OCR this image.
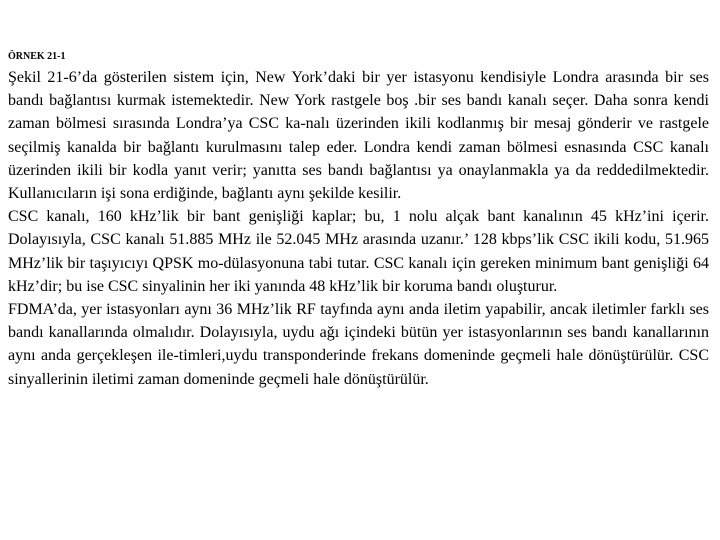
ÖRNEK 21-1

Şekil 21-6’da gösterilen sistem için, New York’daki bir yer istasyonu kendisiyle Londra arasında bir ses bandı bağlantısı kurmak istemektedir. New York rastgele boş .bir ses bandı kanalı seçer. Daha sonra kendi zaman bölmesi sırasında Londra’ya CSC ka-nalı üzerinden ikili kodlanmış bir mesaj gönderir ve rastgele seçilmiş kanalda bir bağlantı kurulmasını talep eder. Londra kendi zaman bölmesi esnasında CSC kanalı üzerinden ikili bir kodla yanıt verir; yanıtta ses bandı bağlantısı ya onaylanmakla ya da reddedilmektedir. Kullanıcıların işi sona erdiğinde, bağlantı aynı şekilde kesilir.

CSC kanalı, 160 kHz’lik bir bant genişliği kaplar; bu, 1 nolu alçak bant kanalının 45 kHz’ini içerir. Dolayısıyla, CSC kanalı 51.885 MHz ile 52.045 MHz arasında uzanır.’ 128 kbps’lik CSC ikili kodu, 51.965 MHz’lik bir taşıyıcıyı QPSK mo-dülasyonuna tabi tutar. CSC kanalı için gereken minimum bant genişliği 64 kHz’dir; bu ise CSC sinyalinin her iki yanında 48 kHz’lik bir koruma bandı oluşturur.

FDMA’da, yer istasyonları aynı 36 MHz’lik RF tayfında aynı anda iletim yapabilir, ancak iletimler farklı ses bandı kanallarında olmalıdır. Dolayısıyla, uydu ağı içindeki bütün yer istasyonlarının ses bandı kanallarının aynı anda gerçekleşen ile-timleri,uydu transponderinde frekans domeninde geçmeli hale dönüştürülür. CSC sinyallerinin iletimi zaman domeninde geçmeli hale dönüştürülür.
